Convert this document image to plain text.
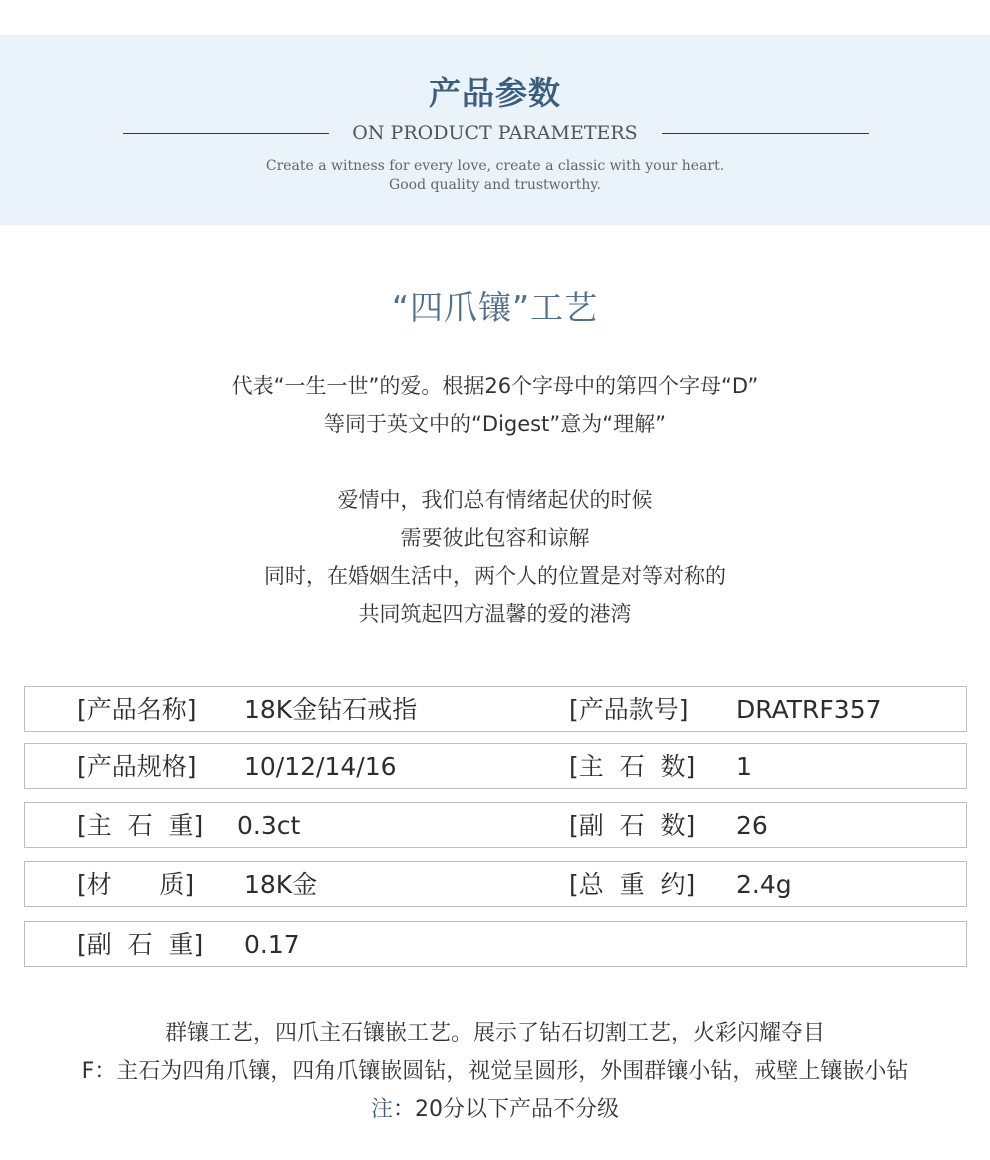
产品参数
ON PRODUCT PARAMETERS
Create a witness for every love, create a classic with your heart.
Good quality and trustworthy.
“四爪镶”工艺
代表“一生一世”的爱。根据26个字母中的第四个字母“D”
等同于英文中的“Digest”意为“理解”
爱情中，我们总有情绪起伏的时候
需要彼此包容和谅解
同时，在婚姻生活中，两个人的位置是对等对称的
共同筑起四方温馨的爱的港湾
[产品名称] 18K金钻石戒指	[产品款号] DRATRF357
[产品规格] 10/12/14/16	[主  石  数] 1
[主  石  重] 0.3ct	[副  石  数] 26
[材      质] 18K金	[总  重  约] 2.4g
[副  石  重] 0.17
群镶工艺，四爪主石镶嵌工艺。展示了钻石切割工艺，火彩闪耀夺目
F：主石为四角爪镶，四角爪镶嵌圆钻，视觉呈圆形，外围群镶小钻，戒壁上镶嵌小钻
注：20分以下产品不分级
